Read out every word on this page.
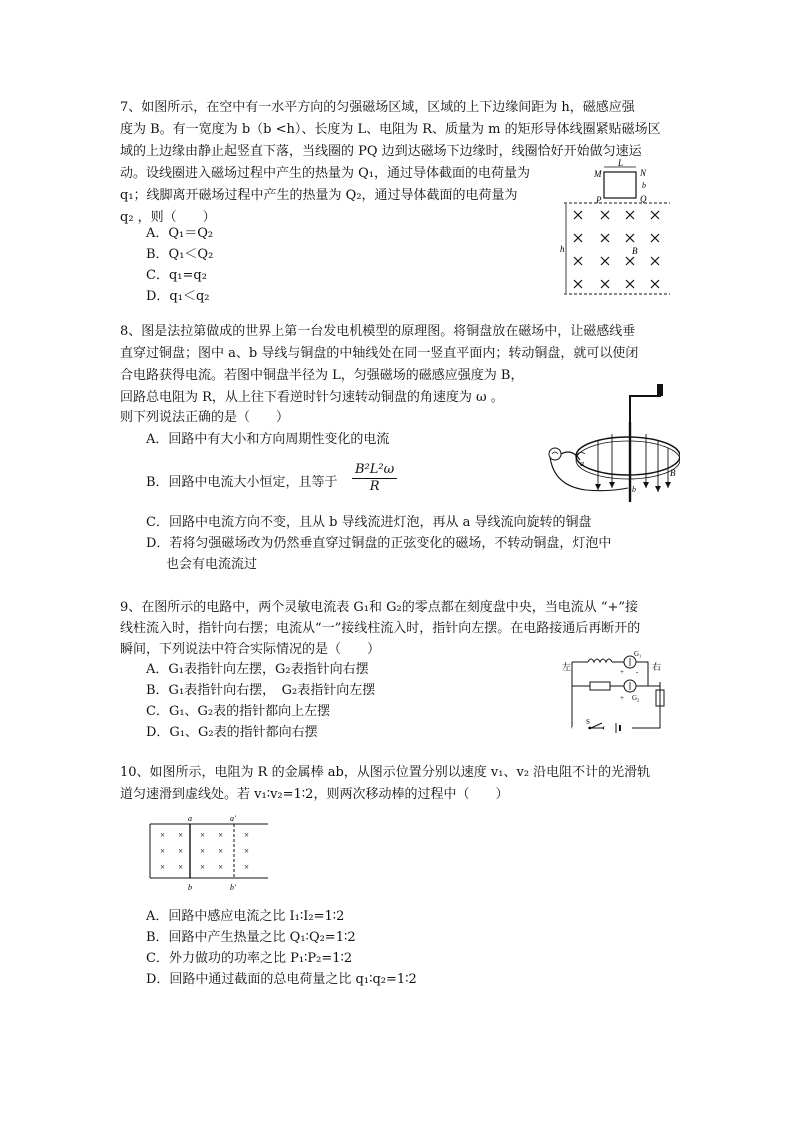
7、如图所示，在空中有一水平方向的匀强磁场区域，区域的上下边缘间距为 h，磁感应强
度为 B。有一宽度为 b（b <h）、长度为 L、电阻为 R、质量为 m 的矩形导体线圈紧贴磁场区
域的上边缘由静止起竖直下落，当线圈的 PQ 边到达磁场下边缘时，线圈恰好开始做匀速运
动。设线圈进入磁场过程中产生的热量为 Q₁，通过导体截面的电荷量为
q₁；线脚离开磁场过程中产生的热量为 Q₂，通过导体截面的电荷量为
q₂ ，则（　　）
A．Q₁＝Q₂
B．Q₁＜Q₂
C．q₁=q₂
D．q₁＜q₂
L
M	N
b
P	Q
h	B
8、图是法拉第做成的世界上第一台发电机模型的原理图。将铜盘放在磁场中，让磁感线垂
直穿过铜盘；图中 a、b 导线与铜盘的中轴线处在同一竖直平面内；转动铜盘，就可以使闭
合电路获得电流。若图中铜盘半径为 L，匀强磁场的磁感应强度为 B，
回路总电阻为 R，从上往下看逆时针匀速转动铜盘的角速度为 ω 。
则下列说法正确的是（　　）
A．回路中有大小和方向周期性变化的电流
B．回路中电流大小恒定，且等于 $\frac{\text{B²L²ω}}{R}$
C．回路中电流方向不变，且从 b 导线流进灯泡，再从 a 导线流向旋转的铜盘
D．若将匀强磁场改为仍然垂直穿过铜盘的正弦变化的磁场，不转动铜盘，灯泡中
也会有电流流过
B
a
b
9、在图所示的电路中，两个灵敏电流表 G₁和 G₂的零点都在刻度盘中央，当电流从 “+”接
线柱流入时，指针向右摆；电流从“一”接线柱流入时，指针向左摆。在电路接通后再断开的
瞬间，下列说法中符合实际情况的是（　　）
A．G₁表指针向左摆，G₂表指针向右摆
B．G₁表指针向右摆，　G₂表指针向左摆
C．G₁、G₂表的指针都向上左摆
D．G₁、G₂表的指针都向右摆
G₁
+ -
+ G₂
S
左	右
10、如图所示，电阻为 R 的金属棒 ab，从图示位置分别以速度 v₁、v₂ 沿电阻不计的光滑轨
道匀速滑到虚线处。若 v₁∶v₂=1∶2，则两次移动棒的过程中（　　）
a	a'
b	b'
× × × × ×
× × × × ×
× × × × ×
A．回路中感应电流之比 I₁∶I₂=1∶2
B．回路中产生热量之比 Q₁∶Q₂=1∶2
C．外力做功的功率之比 P₁∶P₂=1∶2
D．回路中通过截面的总电荷量之比 q₁∶q₂=1∶2
